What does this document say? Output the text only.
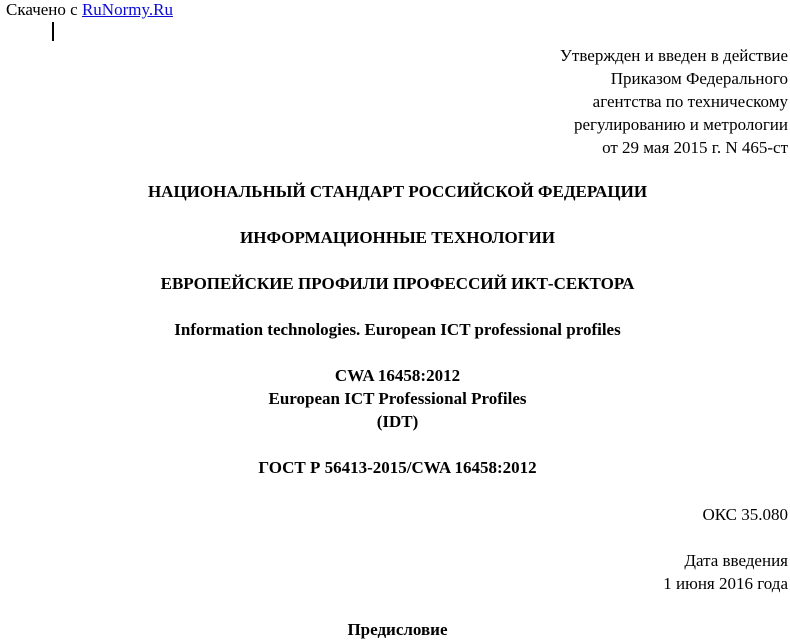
Скачено с RuNormy.Ru
Утвержден и введен в действие
Приказом Федерального
агентства по техническому
регулированию и метрологии
от 29 мая 2015 г. N 465-ст
НАЦИОНАЛЬНЫЙ СТАНДАРТ РОССИЙСКОЙ ФЕДЕРАЦИИ
ИНФОРМАЦИОННЫЕ ТЕХНОЛОГИИ
ЕВРОПЕЙСКИЕ ПРОФИЛИ ПРОФЕССИЙ ИКТ-СЕКТОРА
Information technologies. European ICT professional profiles
CWA 16458:2012
European ICT Professional Profiles
(IDT)
ГОСТ Р 56413-2015/CWA 16458:2012
ОКС 35.080
Дата введения
1 июня 2016 года
Предисловие
